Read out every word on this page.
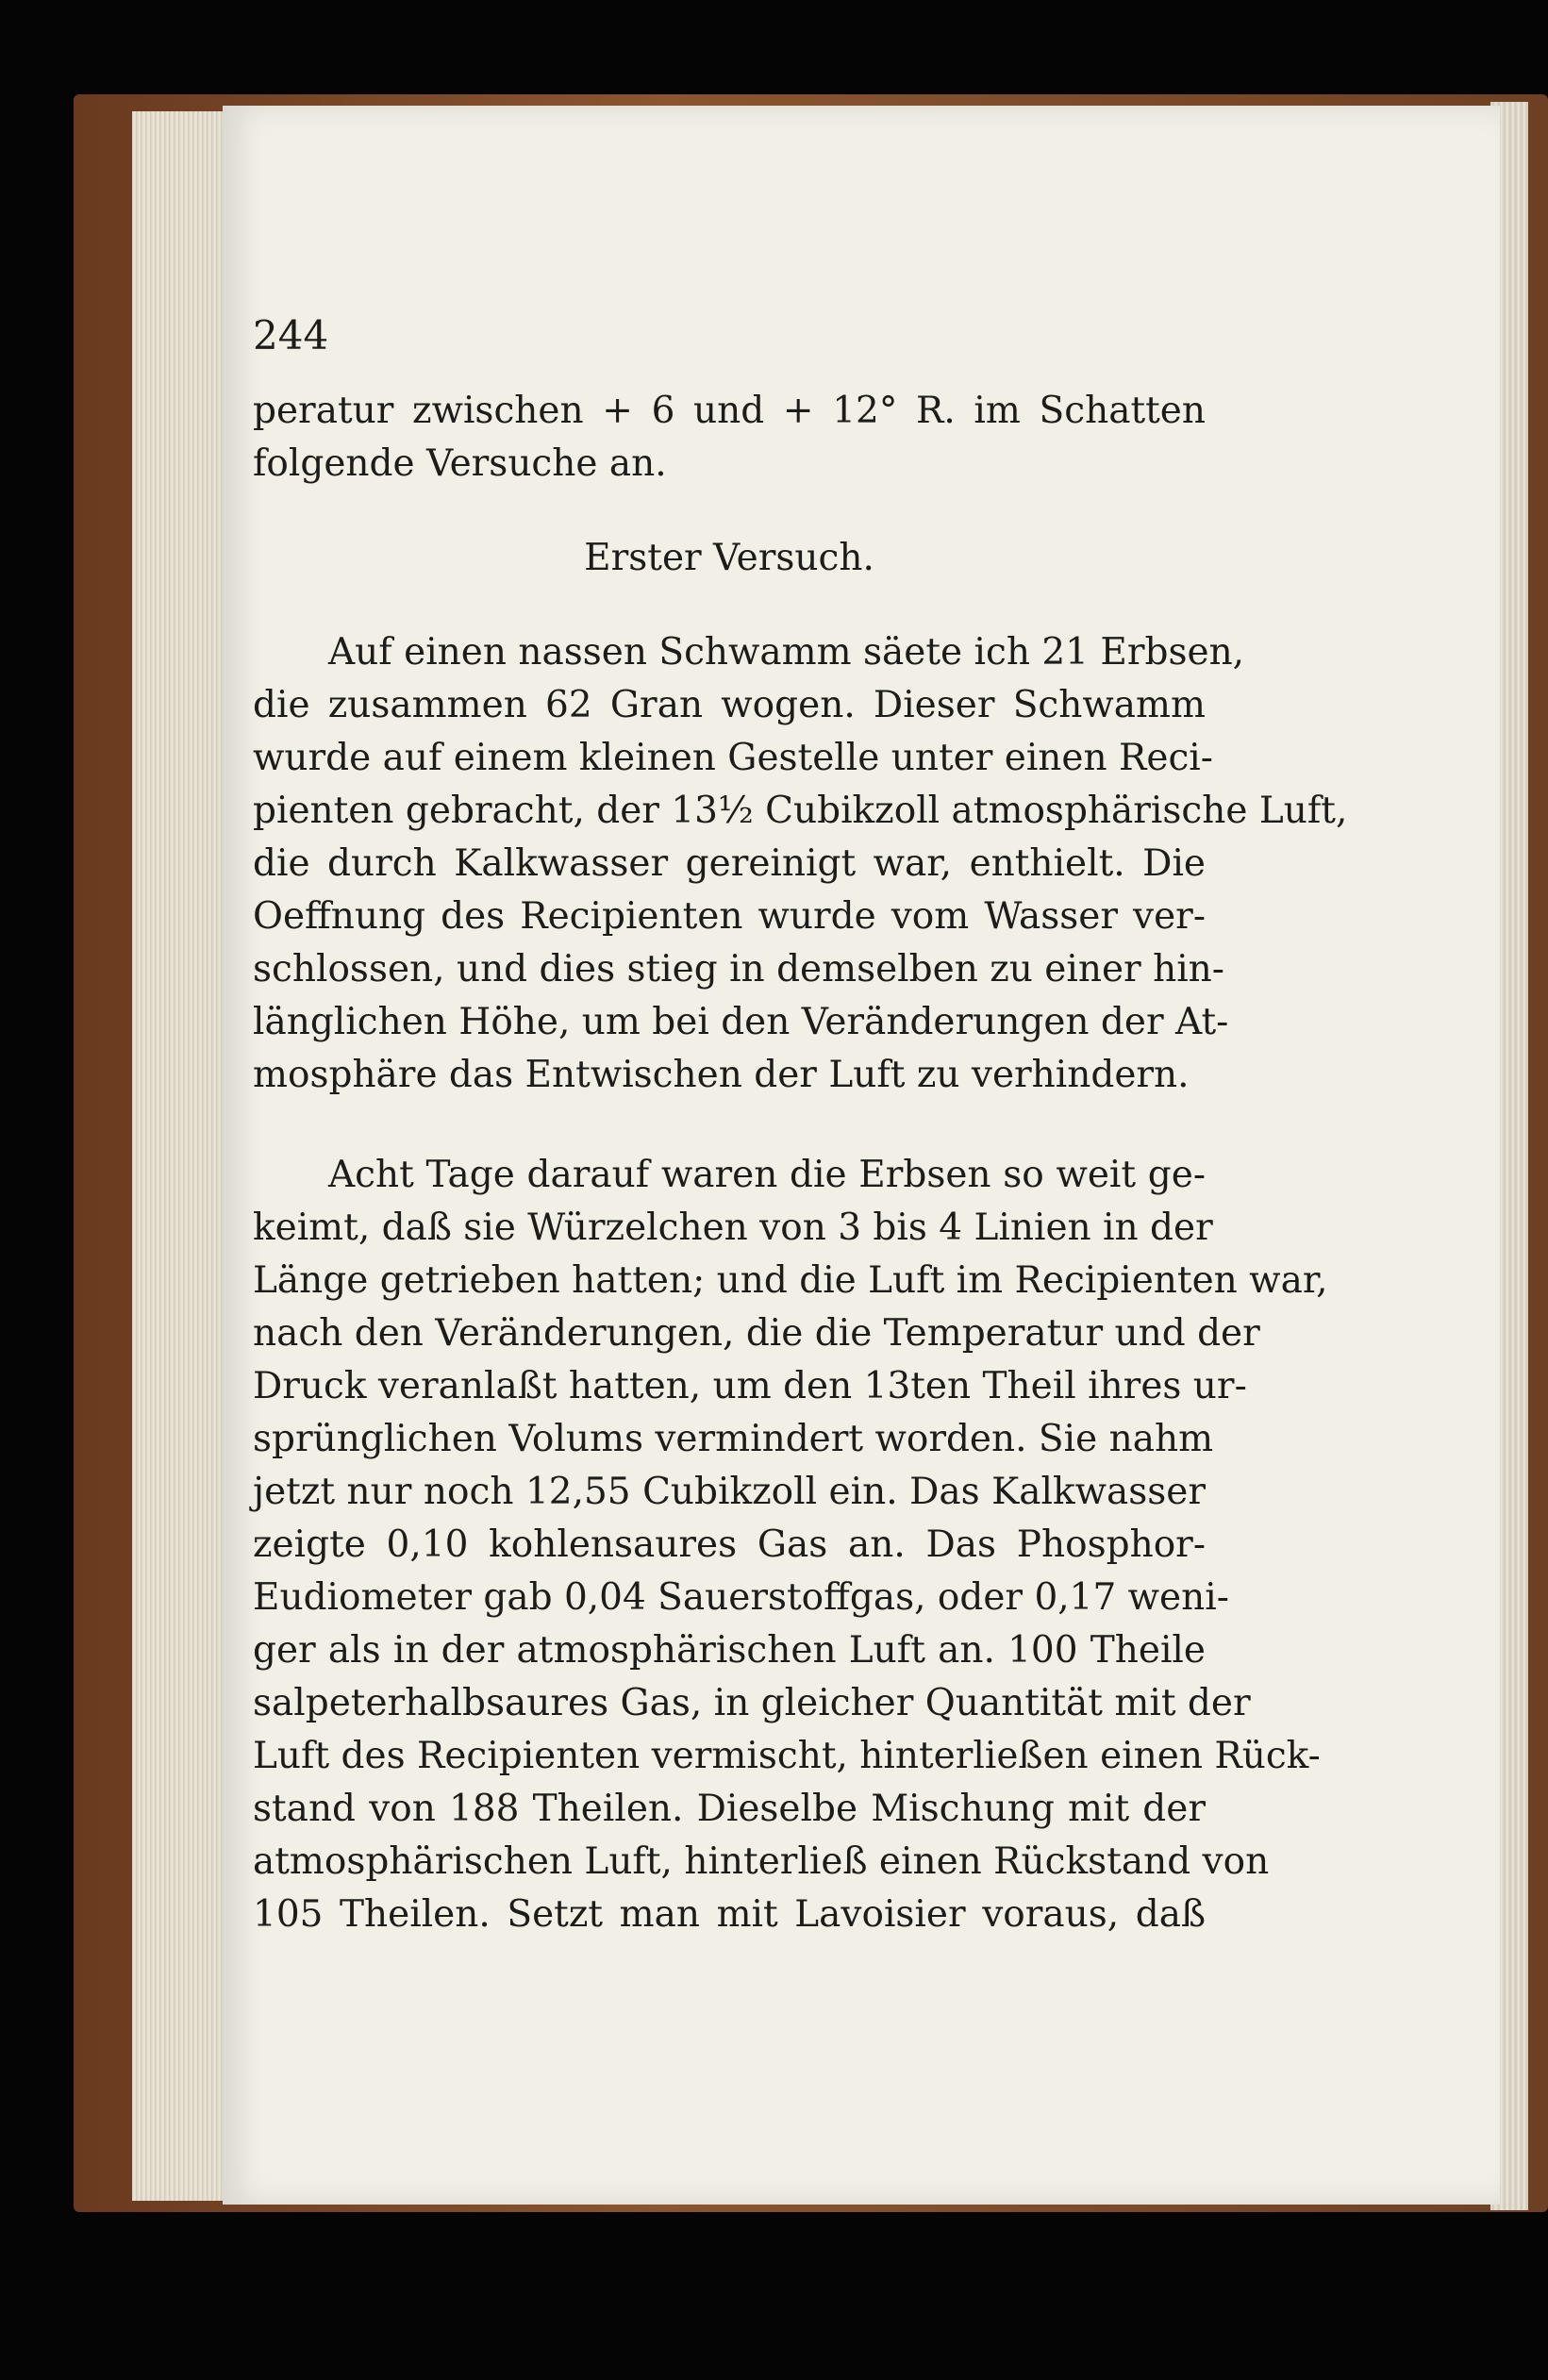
244
peratur zwischen + 6 und + 12° R. im Schatten
folgende Versuche an.
Erster Versuch.
Auf einen nassen Schwamm säete ich 21 Erbsen,
die zusammen 62 Gran wogen. Dieser Schwamm
wurde auf einem kleinen Gestelle unter einen Reci-
pienten gebracht, der 13½ Cubikzoll atmosphärische Luft,
die durch Kalkwasser gereinigt war, enthielt. Die
Oeffnung des Recipienten wurde vom Wasser ver-
schlossen, und dies stieg in demselben zu einer hin-
länglichen Höhe, um bei den Veränderungen der At-
mosphäre das Entwischen der Luft zu verhindern.
Acht Tage darauf waren die Erbsen so weit ge-
keimt, daß sie Würzelchen von 3 bis 4 Linien in der
Länge getrieben hatten; und die Luft im Recipienten war,
nach den Veränderungen, die die Temperatur und der
Druck veranlaßt hatten, um den 13ten Theil ihres ur-
sprünglichen Volums vermindert worden. Sie nahm
jetzt nur noch 12,55 Cubikzoll ein. Das Kalkwasser
zeigte 0,10 kohlensaures Gas an. Das Phosphor-
Eudiometer gab 0,04 Sauerstoffgas, oder 0,17 weni-
ger als in der atmosphärischen Luft an. 100 Theile
salpeterhalbsaures Gas, in gleicher Quantität mit der
Luft des Recipienten vermischt, hinterließen einen Rück-
stand von 188 Theilen. Dieselbe Mischung mit der
atmosphärischen Luft, hinterließ einen Rückstand von
105 Theilen. Setzt man mit Lavoisier voraus, daß
